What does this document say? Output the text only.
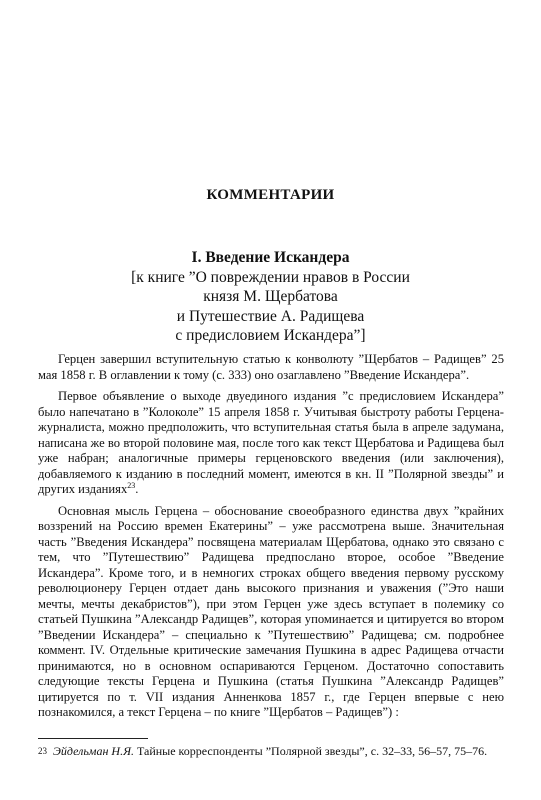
КОММЕНТАРИИ
I. Введение Искандера
[к книге ”О повреждении нравов в России
князя М. Щербатова
и Путешествие А. Радищева
с предисловием Искандера”]

Герцен завершил вступительную статью к конволюту ”Щербатов – Радищев” 25 мая 1858 г. В оглавлении к тому (с. 333) оно озаглавлено ”Введение Искандера”.

Первое объявление о выходе двуединого издания ”с предисловием Искандера” было напечатано в ”Колоколе” 15 апреля 1858 г. Учитывая быстроту работы Герцена-журналиста, можно предположить, что вступительная статья была в апреле задумана, написана же во второй половине мая, после того как текст Щербатова и Радищева был уже набран; аналогичные примеры герценовского введения (или заключения), добавляемого к изданию в последний момент, имеются в кн. II ”Полярной звезды” и других изданиях$^{23}$.

Основная мысль Герцена – обоснование своеобразного единства двух ”крайних воззрений на Россию времен Екатерины” – уже рассмотрена выше. Значительная часть ”Введения Искандера” посвящена материалам Щербатова, однако это связано с тем, что ”Путешествию” Радищева предпослано второе, особое ”Введение Искандера”. Кроме того, и в немногих строках общего введения первому русскому революционеру Герцен отдает дань высокого признания и уважения (”Это наши мечты, мечты декабристов”), при этом Герцен уже здесь вступает в полемику со статьей Пушкина ”Александр Радищев”, которая упоминается и цитируется во втором ”Введении Искандера” – специально к ”Путешествию” Радищева; см. подробнее коммент. IV. Отдельные критические замечания Пушкина в адрес Радищева отчасти принимаются, но в основном оспариваются Герценом. Достаточно сопоставить следующие тексты Герцена и Пушкина (статья Пушкина ”Александр Радищев” цитируется по т. VII издания Анненкова 1857 г., где Герцен впервые с нею познакомился, а текст Герцена – по книге ”Щербатов – Радищев”) :

$^{23}$ Эйдельман Н.Я. Тайные корреспонденты ”Полярной звезды”, с. 32–33, 56–57, 75–76.
